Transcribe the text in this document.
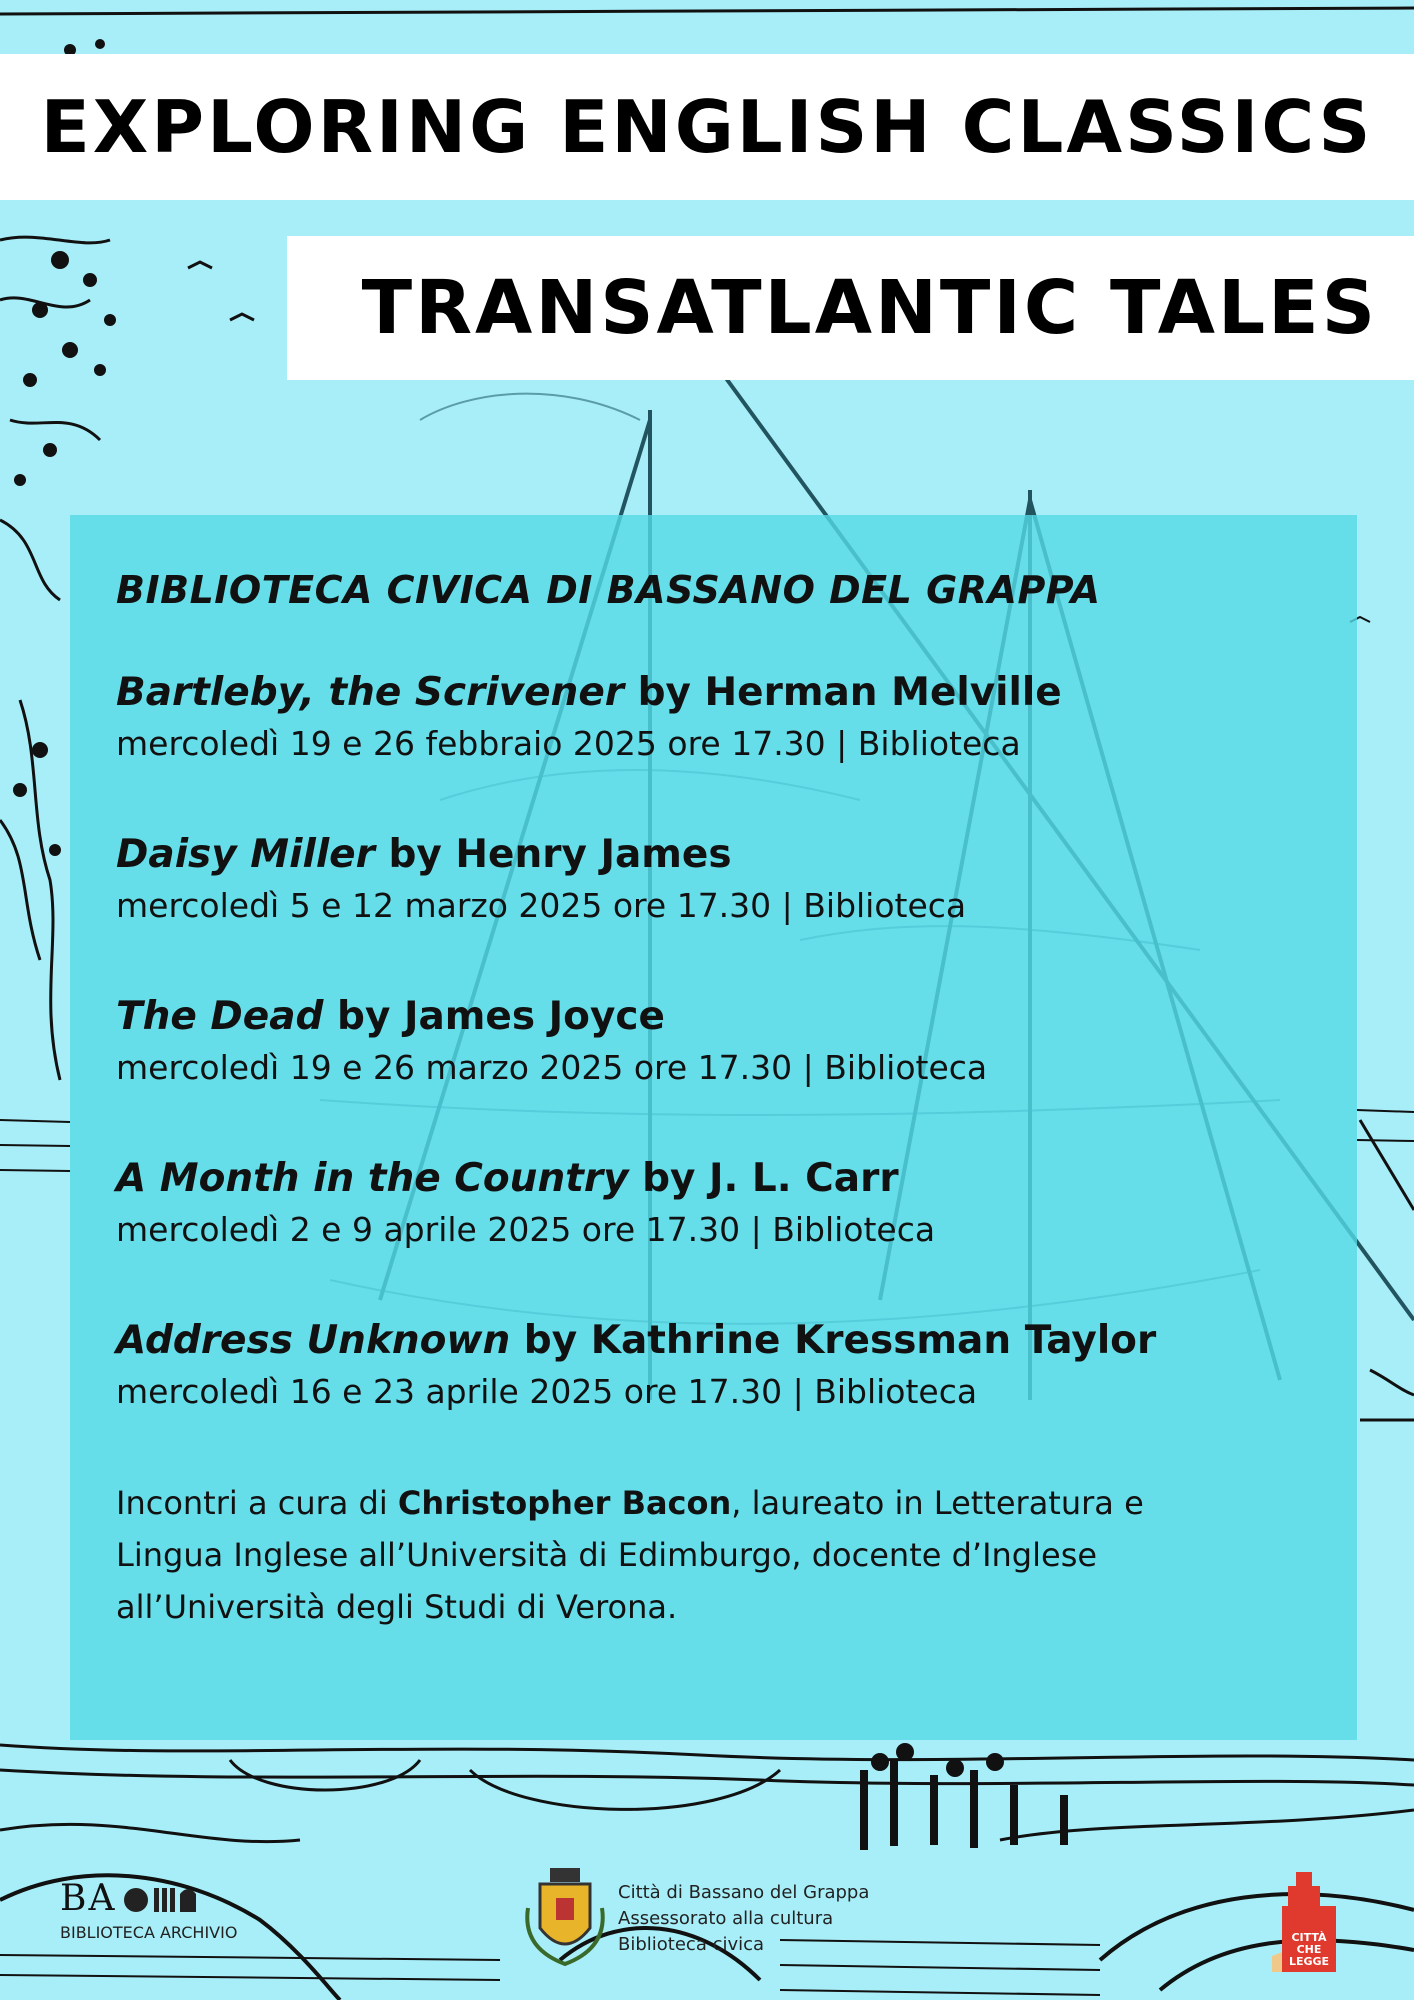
EXPLORING ENGLISH CLASSICS
TRANSATLANTIC TALES
BIBLIOTECA CIVICA DI BASSANO DEL GRAPPA
Bartleby, the Scrivener by Herman Melville
mercoledì 19 e 26 febbraio 2025 ore 17.30 | Biblioteca
Daisy Miller by Henry James
mercoledì 5 e 12 marzo 2025 ore 17.30 | Biblioteca
The Dead by James Joyce
mercoledì 19 e 26 marzo 2025 ore 17.30 | Biblioteca
A Month in the Country by J. L. Carr
mercoledì 2 e 9 aprile 2025 ore 17.30 | Biblioteca
Address Unknown by Kathrine Kressman Taylor
mercoledì 16 e 23 aprile 2025 ore 17.30 | Biblioteca
Incontri a cura di Christopher Bacon, laureato in Letteratura e Lingua Inglese all’Università di Edimburgo, docente d’Inglese all’Università degli Studi di Verona.
BA
BIBLIOTECA ARCHIVIO
Città di Bassano del Grappa
Assessorato alla cultura
Biblioteca civica	CITTÀ CHE LEGGE
